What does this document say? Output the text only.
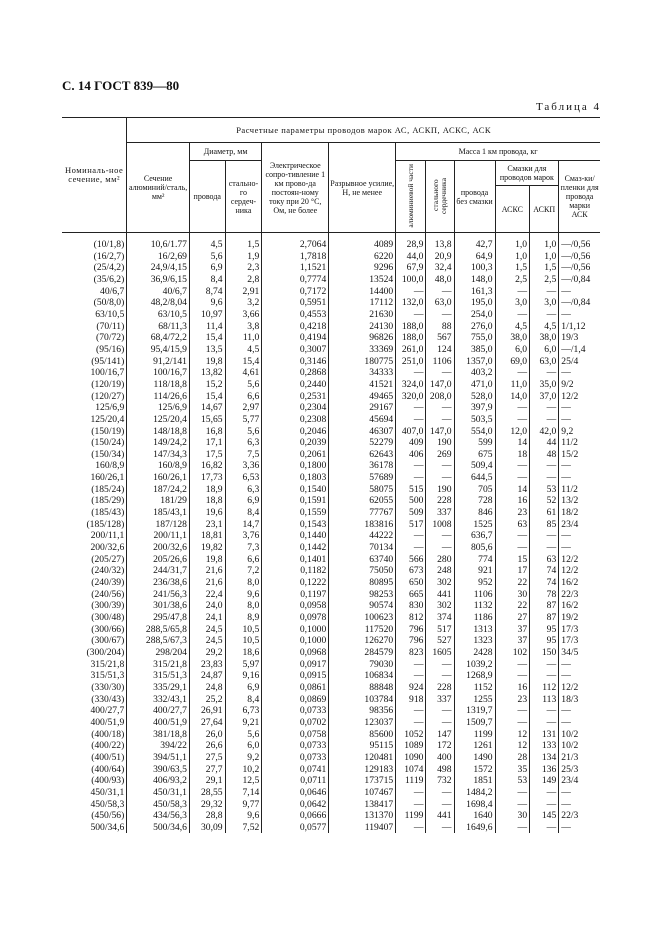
С. 14 ГОСТ 839—80
Таблица 4
Номиналь-ное сечение, мм²	Расчетные параметры проводов марок АС, АСКП, АСКС, АСК										
	Сечение алюминий/сталь, мм²	Диаметр, мм		Электрическое сопро-тивление 1 км прово-да постоян-ному току при 20 °С, Ом, не более	Разрывное усилие, Н, не менее	Масса 1 км провода, кг					
		провода	стально-го сердеч-ника			алюминиевой части	стального сердечника	провода без смазки	Смазки для проводов марок		Смаз-ки/пленки для провода марки АСК
									АСКС	АСКП	
(10/1,8)	10,6/1.77	4,5	1,5	2,7064	4089	28,9	13,8	42,7	1,0	1,0	—/0,56
(16/2,7)	16/2,69	5,6	1,9	1,7818	6220	44,0	20,9	64,9	1,0	1,0	—/0,56
(25/4,2)	24,9/4,15	6,9	2,3	1,1521	9296	67,9	32,4	100,3	1,5	1,5	—/0,56
(35/6,2)	36,9/6,15	8,4	2,8	0,7774	13524	100,0	48,0	148,0	2,5	2,5	—/0,84
40/6,7	40/6,7	8,74	2,91	0,7172	14400	—	—	161,3	—	—	—
(50/8,0)	48,2/8,04	9,6	3,2	0,5951	17112	132,0	63,0	195,0	3,0	3,0	—/0,84
63/10,5	63/10,5	10,97	3,66	0,4553	21630	—	—	254,0	—	—	—
(70/11)	68/11,3	11,4	3,8	0,4218	24130	188,0	88	276,0	4,5	4,5	1/1,12
(70/72)	68,4/72,2	15,4	11,0	0,4194	96826	188,0	567	755,0	38,0	38,0	19/3
(95/16)	95,4/15,9	13,5	4,5	0,3007	33369	261,0	124	385,0	6,0	6,0	—/1,4
(95/141)	91,2/141	19,8	15,4	0,3146	180775	251,0	1106	1357,0	69,0	63,0	25/4
100/16,7	100/16,7	13,82	4,61	0,2868	34333	—	—	403,2	—	—	—
(120/19)	118/18,8	15,2	5,6	0,2440	41521	324,0	147,0	471,0	11,0	35,0	9/2
(120/27)	114/26,6	15,4	6,6	0,2531	49465	320,0	208,0	528,0	14,0	37,0	12/2
125/6,9	125/6,9	14,67	2,97	0,2304	29167	—	—	397,9	—	—	—
125/20,4	125/20,4	15,65	5,77	0,2308	45694	—	—	503,5	—	—	—
(150/19)	148/18,8	16,8	5,6	0,2046	46307	407,0	147,0	554,0	12,0	42,0	9,2
(150/24)	149/24,2	17,1	6,3	0,2039	52279	409	190	599	14	44	11/2
(150/34)	147/34,3	17,5	7,5	0,2061	62643	406	269	675	18	48	15/2
160/8,9	160/8,9	16,82	3,36	0,1800	36178	—	—	509,4	—	—	—
160/26,1	160/26,1	17,73	6,53	0,1803	57689	—	—	644,5	—	—	—
(185/24)	187/24,2	18,9	6,3	0,1540	58075	515	190	705	14	53	11/2
(185/29)	181/29	18,8	6,9	0,1591	62055	500	228	728	16	52	13/2
(185/43)	185/43,1	19,6	8,4	0,1559	77767	509	337	846	23	61	18/2
(185/128)	187/128	23,1	14,7	0,1543	183816	517	1008	1525	63	85	23/4
200/11,1	200/11,1	18,81	3,76	0,1440	44222	—	—	636,7	—	—	—
200/32,6	200/32,6	19,82	7,3	0,1442	70134	—	—	805,6	—	—	—
(205/27)	205/26,6	19,8	6,6	0,1401	63740	566	280	774	15	63	12/2
(240/32)	244/31,7	21,6	7,2	0,1182	75050	673	248	921	17	74	12/2
(240/39)	236/38,6	21,6	8,0	0,1222	80895	650	302	952	22	74	16/2
(240/56)	241/56,3	22,4	9,6	0,1197	98253	665	441	1106	30	78	22/3
(300/39)	301/38,6	24,0	8,0	0,0958	90574	830	302	1132	22	87	16/2
(300/48)	295/47,8	24,1	8,9	0,0978	100623	812	374	1186	27	87	19/2
(300/66)	288,5/65,8	24,5	10,5	0,1000	117520	796	517	1313	37	95	17/3
(300/67)	288,5/67,3	24,5	10,5	0,1000	126270	796	527	1323	37	95	17/3
(300/204)	298/204	29,2	18,6	0,0968	284579	823	1605	2428	102	150	34/5
315/21,8	315/21,8	23,83	5,97	0,0917	79030	—	—	1039,2	—	—	—
315/51,3	315/51,3	24,87	9,16	0,0915	106834	—	—	1268,9	—	—	—
(330/30)	335/29,1	24,8	6,9	0,0861	88848	924	228	1152	16	112	12/2
(330/43)	332/43,1	25,2	8,4	0,0869	103784	918	337	1255	23	113	18/3
400/27,7	400/27,7	26,91	6,73	0,0733	98356	—	—	1319,7	—	—	—
400/51,9	400/51,9	27,64	9,21	0,0702	123037	—	—	1509,7	—	—	—
(400/18)	381/18,8	26,0	5,6	0,0758	85600	1052	147	1199	12	131	10/2
(400/22)	394/22	26,6	6,0	0,0733	95115	1089	172	1261	12	133	10/2
(400/51)	394/51,1	27,5	9,2	0,0733	120481	1090	400	1490	28	134	21/3
(400/64)	390/63,5	27,7	10,2	0,0741	129183	1074	498	1572	35	136	25/3
(400/93)	406/93,2	29,1	12,5	0,0711	173715	1119	732	1851	53	149	23/4
450/31,1	450/31,1	28,55	7,14	0,0646	107467	—	—	1484,2	—	—	—
450/58,3	450/58,3	29,32	9,77	0,0642	138417	—	—	1698,4	—	—	—
(450/56)	434/56,3	28,8	9,6	0,0666	131370	1199	441	1640	30	145	22/3
500/34,6	500/34,6	30,09	7,52	0,0577	119407	—	—	1649,6	—	—	—
